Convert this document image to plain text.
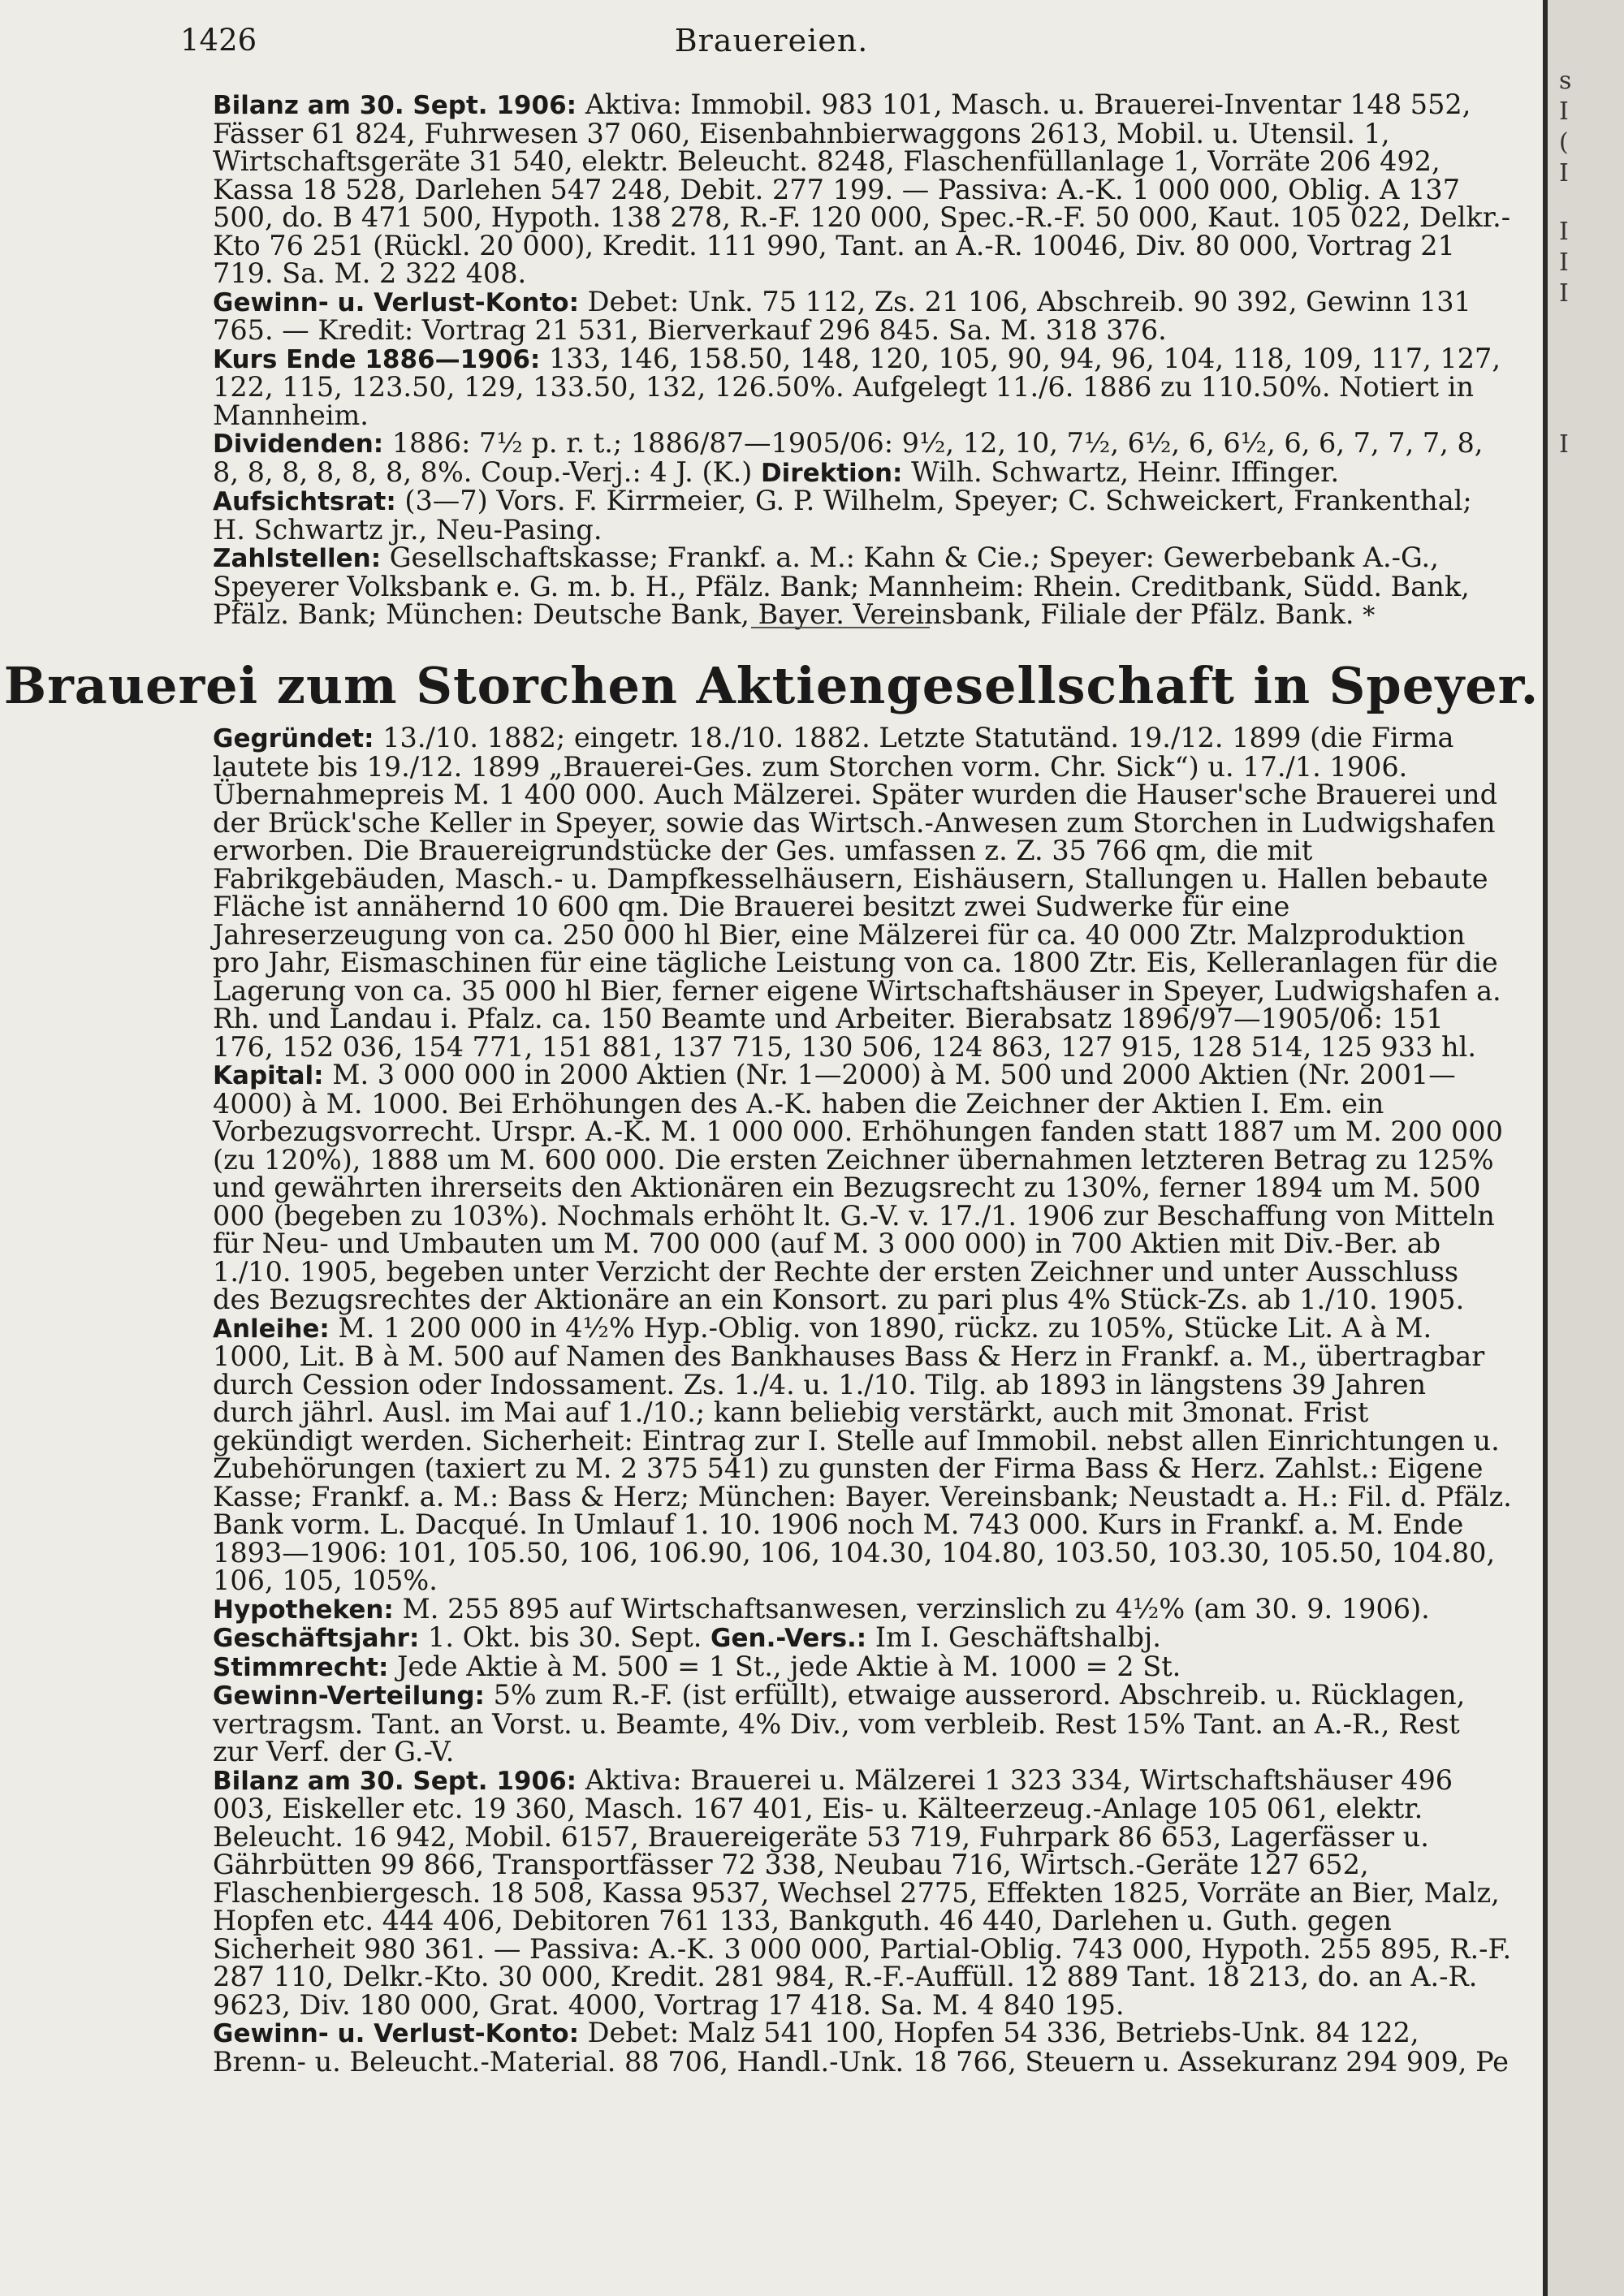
1426	Brauereien.

Bilanz am 30. Sept. 1906: Aktiva: Immobil. 983 101, Masch. u. Brauerei-Inventar 148 552, Fässer 61 824, Fuhrwesen 37 060, Eisenbahnbierwaggons 2613, Mobil. u. Utensil. 1, Wirtschaftsgeräte 31 540, elektr. Beleucht. 8248, Flaschenfüllanlage 1, Vorräte 206 492, Kassa 18 528, Darlehen 547 248, Debit. 277 199. — Passiva: A.-K. 1 000 000, Oblig. A 137 500, do. B 471 500, Hypoth. 138 278, R.-F. 120 000, Spec.-R.-F. 50 000, Kaut. 105 022, Delkr.-Kto 76 251 (Rückl. 20 000), Kredit. 111 990, Tant. an A.-R. 10046, Div. 80 000, Vortrag 21 719. Sa. M. 2 322 408.

Gewinn- u. Verlust-Konto: Debet: Unk. 75 112, Zs. 21 106, Abschreib. 90 392, Gewinn 131 765. — Kredit: Vortrag 21 531, Bierverkauf 296 845. Sa. M. 318 376.

Kurs Ende 1886—1906: 133, 146, 158.50, 148, 120, 105, 90, 94, 96, 104, 118, 109, 117, 127, 122, 115, 123.50, 129, 133.50, 132, 126.50%. Aufgelegt 11./6. 1886 zu 110.50%. Notiert in Mannheim.

Dividenden: 1886: 7½ p. r. t.; 1886/87—1905/06: 9½, 12, 10, 7½, 6½, 6, 6½, 6, 6, 7, 7, 7, 8, 8, 8, 8, 8, 8, 8, 8%. Coup.-Verj.: 4 J. (K.) Direktion: Wilh. Schwartz, Heinr. Iffinger.

Aufsichtsrat: (3—7) Vors. F. Kirrmeier, G. P. Wilhelm, Speyer; C. Schweickert, Frankenthal; H. Schwartz jr., Neu-Pasing.

Zahlstellen: Gesellschaftskasse; Frankf. a. M.: Kahn & Cie.; Speyer: Gewerbebank A.-G., Speyerer Volksbank e. G. m. b. H., Pfälz. Bank; Mannheim: Rhein. Creditbank, Südd. Bank, Pfälz. Bank; München: Deutsche Bank, Bayer. Vereinsbank, Filiale der Pfälz. Bank. *

Brauerei zum Storchen Aktiengesellschaft in Speyer.

Gegründet: 13./10. 1882; eingetr. 18./10. 1882. Letzte Statutänd. 19./12. 1899 (die Firma lautete bis 19./12. 1899 „Brauerei-Ges. zum Storchen vorm. Chr. Sick“) u. 17./1. 1906. Übernahmepreis M. 1 400 000. Auch Mälzerei. Später wurden die Hauser'sche Brauerei und der Brück'sche Keller in Speyer, sowie das Wirtsch.-Anwesen zum Storchen in Ludwigshafen erworben. Die Brauereigrundstücke der Ges. umfassen z. Z. 35 766 qm, die mit Fabrikgebäuden, Masch.- u. Dampfkesselhäusern, Eishäusern, Stallungen u. Hallen bebaute Fläche ist annähernd 10 600 qm. Die Brauerei besitzt zwei Sudwerke für eine Jahreserzeugung von ca. 250 000 hl Bier, eine Mälzerei für ca. 40 000 Ztr. Malzproduktion pro Jahr, Eismaschinen für eine tägliche Leistung von ca. 1800 Ztr. Eis, Kelleranlagen für die Lagerung von ca. 35 000 hl Bier, ferner eigene Wirtschaftshäuser in Speyer, Ludwigshafen a. Rh. und Landau i. Pfalz. ca. 150 Beamte und Arbeiter. Bierabsatz 1896/97—1905/06: 151 176, 152 036, 154 771, 151 881, 137 715, 130 506, 124 863, 127 915, 128 514, 125 933 hl.

Kapital: M. 3 000 000 in 2000 Aktien (Nr. 1—2000) à M. 500 und 2000 Aktien (Nr. 2001—4000) à M. 1000. Bei Erhöhungen des A.-K. haben die Zeichner der Aktien I. Em. ein Vorbezugsvorrecht. Urspr. A.-K. M. 1 000 000. Erhöhungen fanden statt 1887 um M. 200 000 (zu 120%), 1888 um M. 600 000. Die ersten Zeichner übernahmen letzteren Betrag zu 125% und gewährten ihrerseits den Aktionären ein Bezugsrecht zu 130%, ferner 1894 um M. 500 000 (begeben zu 103%). Nochmals erhöht lt. G.-V. v. 17./1. 1906 zur Beschaffung von Mitteln für Neu- und Umbauten um M. 700 000 (auf M. 3 000 000) in 700 Aktien mit Div.-Ber. ab 1./10. 1905, begeben unter Verzicht der Rechte der ersten Zeichner und unter Ausschluss des Bezugsrechtes der Aktionäre an ein Konsort. zu pari plus 4% Stück-Zs. ab 1./10. 1905.

Anleihe: M. 1 200 000 in 4½% Hyp.-Oblig. von 1890, rückz. zu 105%, Stücke Lit. A à M. 1000, Lit. B à M. 500 auf Namen des Bankhauses Bass & Herz in Frankf. a. M., übertragbar durch Cession oder Indossament. Zs. 1./4. u. 1./10. Tilg. ab 1893 in längstens 39 Jahren durch jährl. Ausl. im Mai auf 1./10.; kann beliebig verstärkt, auch mit 3monat. Frist gekündigt werden. Sicherheit: Eintrag zur I. Stelle auf Immobil. nebst allen Einrichtungen u. Zubehörungen (taxiert zu M. 2 375 541) zu gunsten der Firma Bass & Herz. Zahlst.: Eigene Kasse; Frankf. a. M.: Bass & Herz; München: Bayer. Vereinsbank; Neustadt a. H.: Fil. d. Pfälz. Bank vorm. L. Dacqué. In Umlauf 1. 10. 1906 noch M. 743 000. Kurs in Frankf. a. M. Ende 1893—1906: 101, 105.50, 106, 106.90, 106, 104.30, 104.80, 103.50, 103.30, 105.50, 104.80, 106, 105, 105%.

Hypotheken: M. 255 895 auf Wirtschaftsanwesen, verzinslich zu 4½% (am 30. 9. 1906).

Geschäftsjahr: 1. Okt. bis 30. Sept. Gen.-Vers.: Im I. Geschäftshalbj.

Stimmrecht: Jede Aktie à M. 500 = 1 St., jede Aktie à M. 1000 = 2 St.

Gewinn-Verteilung: 5% zum R.-F. (ist erfüllt), etwaige ausserord. Abschreib. u. Rücklagen, vertragsm. Tant. an Vorst. u. Beamte, 4% Div., vom verbleib. Rest 15% Tant. an A.-R., Rest zur Verf. der G.-V.

Bilanz am 30. Sept. 1906: Aktiva: Brauerei u. Mälzerei 1 323 334, Wirtschaftshäuser 496 003, Eiskeller etc. 19 360, Masch. 167 401, Eis- u. Kälteerzeug.-Anlage 105 061, elektr. Beleucht. 16 942, Mobil. 6157, Brauereigeräte 53 719, Fuhrpark 86 653, Lagerfässer u. Gährbütten 99 866, Transportfässer 72 338, Neubau 716, Wirtsch.-Geräte 127 652, Flaschenbiergesch. 18 508, Kassa 9537, Wechsel 2775, Effekten 1825, Vorräte an Bier, Malz, Hopfen etc. 444 406, Debitoren 761 133, Bankguth. 46 440, Darlehen u. Guth. gegen Sicherheit 980 361. — Passiva: A.-K. 3 000 000, Partial-Oblig. 743 000, Hypoth. 255 895, R.-F. 287 110, Delkr.-Kto. 30 000, Kredit. 281 984, R.-F.-Auffüll. 12 889 Tant. 18 213, do. an A.-R. 9623, Div. 180 000, Grat. 4000, Vortrag 17 418. Sa. M. 4 840 195.

Gewinn- u. Verlust-Konto: Debet: Malz 541 100, Hopfen 54 336, Betriebs-Unk. 84 122, Brenn- u. Beleucht.-Material. 88 706, Handl.-Unk. 18 766, Steuern u. Assekuranz 294 909, Pe

s
I
(
I
I
I
I
I
